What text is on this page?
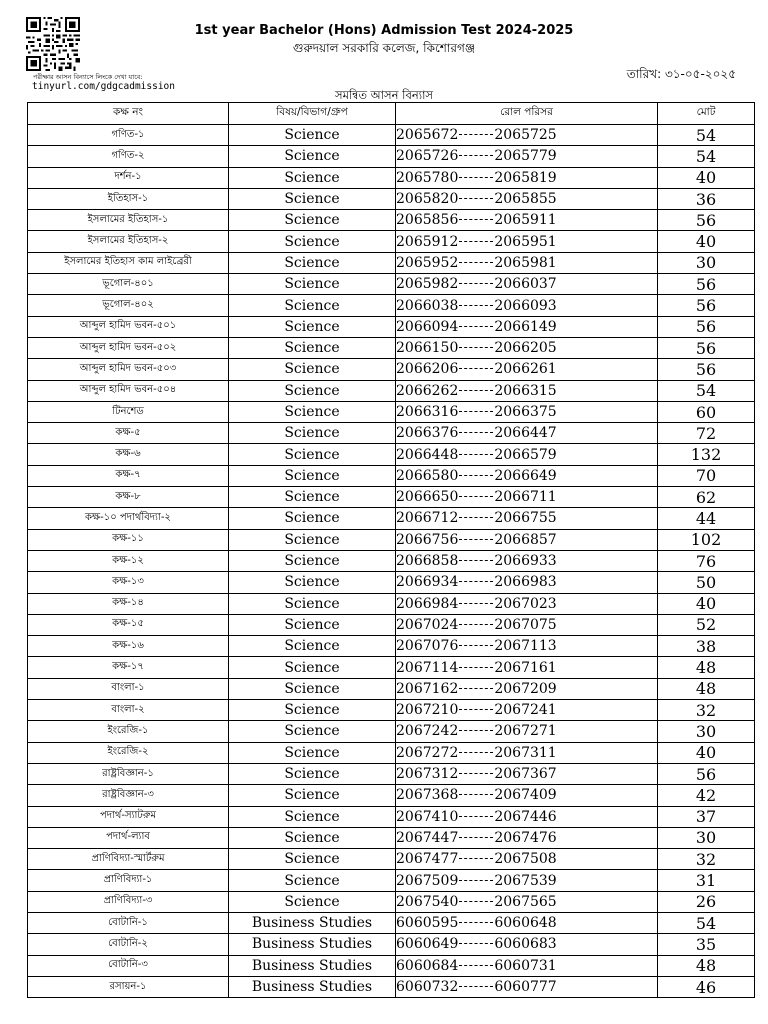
পরীক্ষার আসন বিন্যাসে লিংকে দেখা যাবে:
tinyurl.com/gdgcadmission
1st year Bachelor (Hons) Admission Test 2024-2025
গুরুদয়াল সরকারি কলেজ, কিশোরগঞ্জ
তারিখ: ৩১-০৫-২০২৫
সমন্বিত আসন বিন্যাস
কক্ষ নং	বিষয়/বিভাগ/গ্রুপ	রোল পরিসর	মোট
গণিত-১	Science	2065672 2065725	54
গণিত-২	Science	2065726 2065779	54
দর্শন-১	Science	2065780 2065819	40
ইতিহাস-১	Science	2065820 2065855	36
ইসলামের ইতিহাস-১	Science	2065856 2065911	56
ইসলামের ইতিহাস-২	Science	2065912 2065951	40
ইসলামের ইতিহাস কাম লাইব্রেরী	Science	2065952 2065981	30
ভূগোল-৪০১	Science	2065982 2066037	56
ভূগোল-৪০২	Science	2066038 2066093	56
আব্দুল হামিদ ভবন-৫০১	Science	2066094 2066149	56
আব্দুল হামিদ ভবন-৫০২	Science	2066150 2066205	56
আব্দুল হামিদ ভবন-৫০৩	Science	2066206 2066261	56
আব্দুল হামিদ ভবন-৫০৪	Science	2066262 2066315	54
টিনশেড	Science	2066316 2066375	60
কক্ষ-৫	Science	2066376 2066447	72
কক্ষ-৬	Science	2066448 2066579	132
কক্ষ-৭	Science	2066580 2066649	70
কক্ষ-৮	Science	2066650 2066711	62
কক্ষ-১০ পদার্থবিদ্যা-২	Science	2066712 2066755	44
কক্ষ-১১	Science	2066756 2066857	102
কক্ষ-১২	Science	2066858 2066933	76
কক্ষ-১৩	Science	2066934 2066983	50
কক্ষ-১৪	Science	2066984 2067023	40
কক্ষ-১৫	Science	2067024 2067075	52
কক্ষ-১৬	Science	2067076 2067113	38
কক্ষ-১৭	Science	2067114 2067161	48
বাংলা-১	Science	2067162 2067209	48
বাংলা-২	Science	2067210 2067241	32
ইংরেজি-১	Science	2067242 2067271	30
ইংরেজি-২	Science	2067272 2067311	40
রাষ্ট্রবিজ্ঞান-১	Science	2067312 2067367	56
রাষ্ট্রবিজ্ঞান-৩	Science	2067368 2067409	42
পদার্থ-স্যাটরুম	Science	2067410 2067446	37
পদার্থ-ল্যাব	Science	2067447 2067476	30
প্রাণিবিদ্যা-স্মার্টরুম	Science	2067477 2067508	32
প্রাণিবিদ্যা-১	Science	2067509 2067539	31
প্রাণিবিদ্যা-৩	Science	2067540 2067565	26
বোটানি-১	Business Studies	6060595 6060648	54
বোটানি-২	Business Studies	6060649 6060683	35
বোটানি-৩	Business Studies	6060684 6060731	48
রসায়ন-১	Business Studies	6060732 6060777	46
